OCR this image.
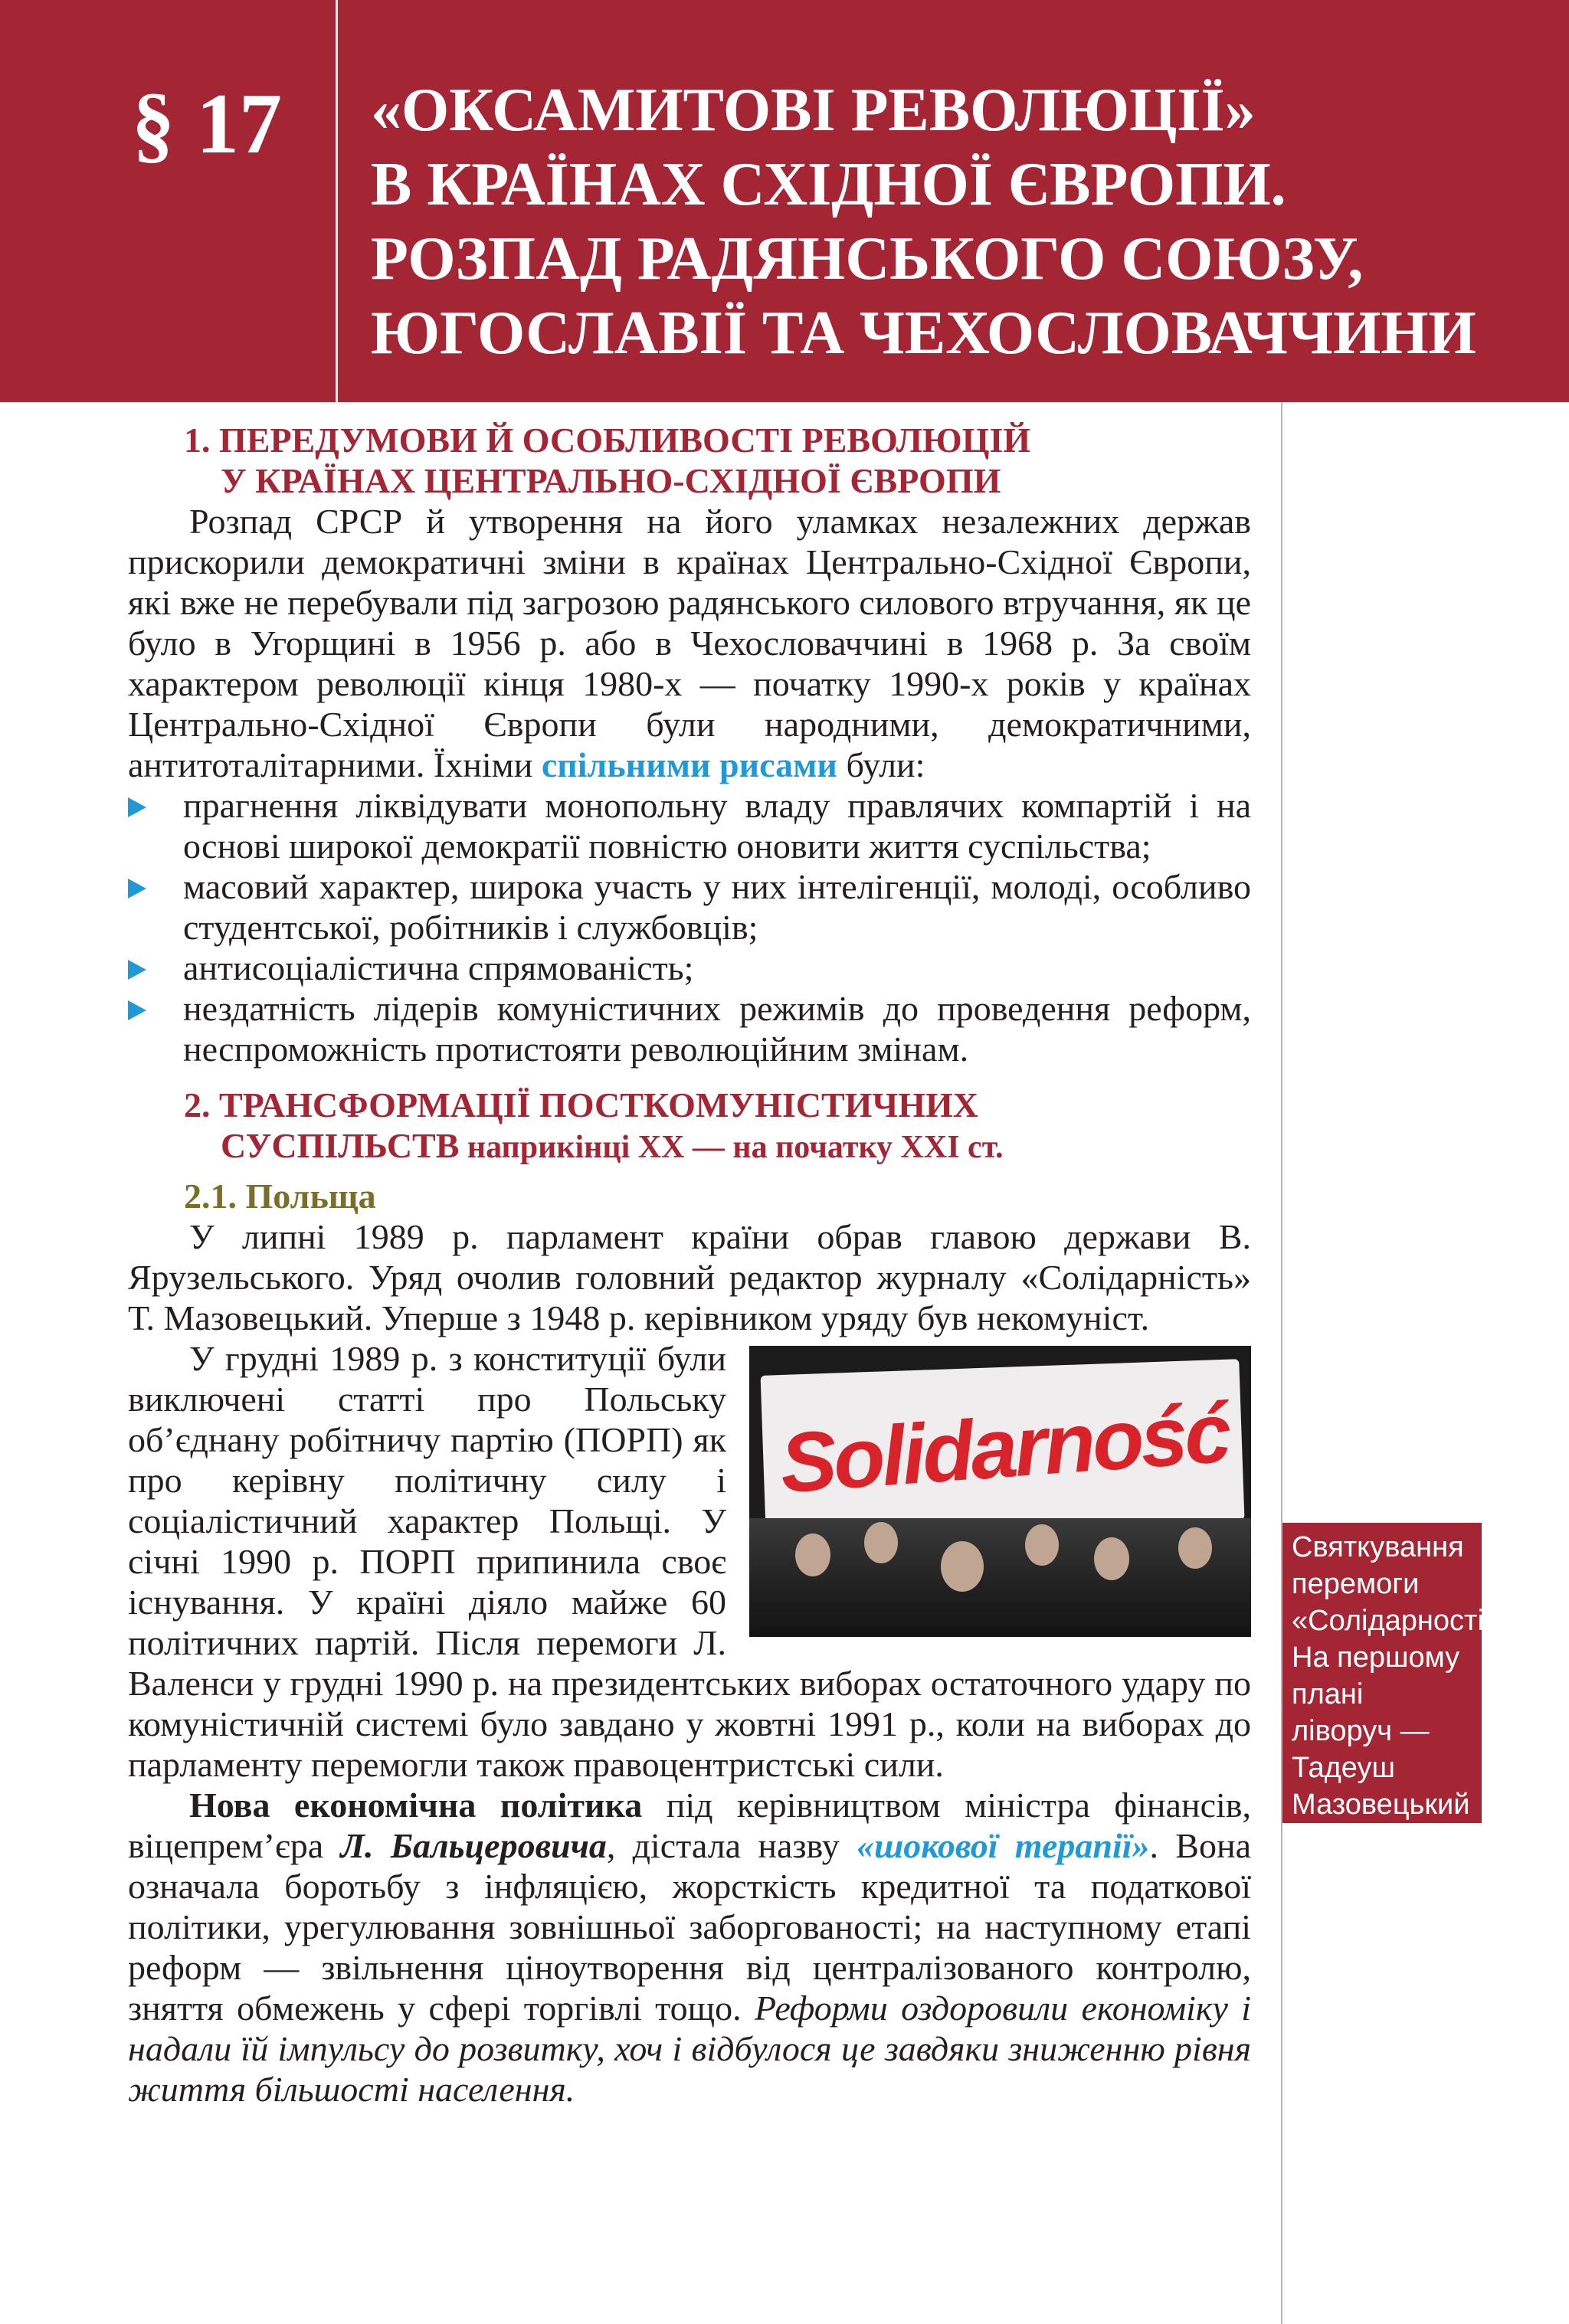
§ 17 «ОКСАМИТОВІ РЕВОЛЮЦІЇ»
В КРАЇНАХ СХІДНОЇ ЄВРОПИ.
РОЗПАД РАДЯНСЬКОГО СОЮЗУ,
ЮГОСЛАВІЇ ТА ЧЕХОСЛОВАЧЧИНИ
1. ПЕРЕДУМОВИ Й ОСОБЛИВОСТІ РЕВОЛЮЦІЙ
У КРАЇНАХ ЦЕНТРАЛЬНО-СХІДНОЇ ЄВРОПИ

Розпад СРСР й утворення на його уламках незалежних держав прискорили демократичні зміни в країнах Центрально-Східної Європи, які вже не перебували під загрозою радянського силового втручання, як це було в Угорщині в 1956 р. або в Чехословаччині в 1968 р. За своїм характером революції кінця 1980-х — початку 1990-х років у країнах Центрально-Східної Європи були народними, демократичними, антитоталітарними. Їхніми спільними рисами були:

прагнення ліквідувати монопольну владу правлячих компартій і на основі широкої демократії повністю оновити життя суспільства;

масовий характер, широка участь у них інтелігенції, молоді, особливо студентської, робітників і службовців;

антисоціалістична спрямованість;

нездатність лідерів комуністичних режимів до проведення реформ, неспроможність протистояти революційним змінам.

2. ТРАНСФОРМАЦІЇ ПОСТКОМУНІСТИЧНИХ
СУСПІЛЬСТВ наприкінці XX — на початку XXI ст.
2.1. Польща

У липні 1989 р. парламент країни обрав главою держави В. Ярузельського. Уряд очолив головний редактор журналу «Солідарність» Т. Мазовецький. Уперше з 1948 р. керівником уряду був некомуніст.

Solidarność

У грудні 1989 р. з конституції були виключені статті про Польську об’єднану робітничу партію (ПОРП) як про керівну політичну силу і соціалістичний характер Польщі. У січні 1990 р. ПОРП припинила своє існування. У країні діяло майже 60 політичних партій. Після перемоги Л. Валенси у грудні 1990 р. на президентських виборах остаточного удару по комуністичній системі було завдано у жовтні 1991 р., коли на виборах до парламенту перемогли також правоцентристські сили.

Нова економічна політика під керівництвом міністра фінансів, віцепрем’єра Л. Бальцеровича, дістала назву «шокової терапії». Вона означала боротьбу з інфляцією, жорсткість кредитної та податкової політики, урегулювання зовнішньої заборгованості; на наступному етапі реформ — звільнення ціноутворення від централізованого контролю, зняття обмежень у сфері торгівлі тощо. Реформи оздоровили економіку і надали їй імпульсу до розвитку, хоч і відбулося це завдяки зниженню рівня життя більшості населення.

Святкування
перемоги
«Солідарності».
На першому
плані
ліворуч —
Тадеуш
Мазовецький
